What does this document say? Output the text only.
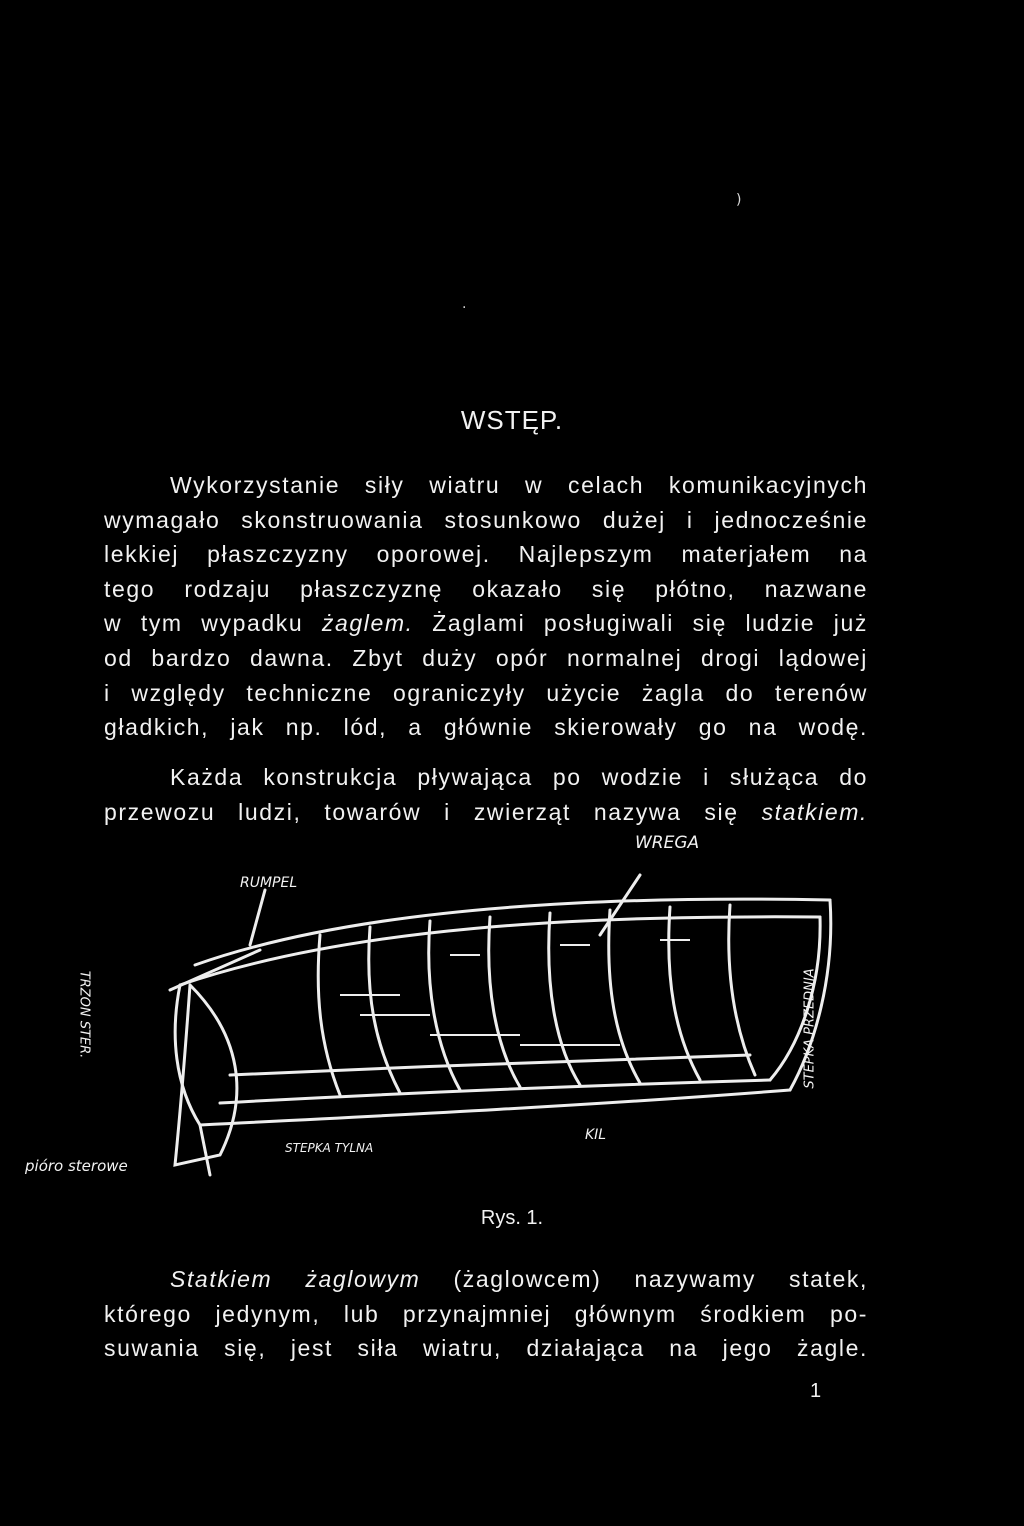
)
·
WSTĘP.
Wykorzystanie siły wiatru w celach komunikacyjnych
wymagało skonstruowania stosunkowo dużej i jednocześnie
lekkiej płaszczyzny oporowej. Najlepszym materjałem na
tego rodzaju płaszczyznę okazało się płótno, nazwane
w tym wypadku żaglem. Żaglami posługiwali się ludzie już
od bardzo dawna. Zbyt duży opór normalnej drogi lądowej
i względy techniczne ograniczyły użycie żagla do terenów
gładkich, jak np. lód, a głównie skierowały go na wodę.
Każda konstrukcja pływająca po wodzie i służąca do
przewozu ludzi, towarów i zwierząt nazywa się statkiem.
WREGA
RUMPEL
TRZON STER.
pióro sterowe
STEPKA TYLNA
KIL
STEPKA PRZEDNIA
Rys. 1.
Statkiem żaglowym (żaglowcem) nazywamy statek,
którego jedynym, lub przynajmniej głównym środkiem po-
suwania się, jest siła wiatru, działająca na jego żagle.
1
